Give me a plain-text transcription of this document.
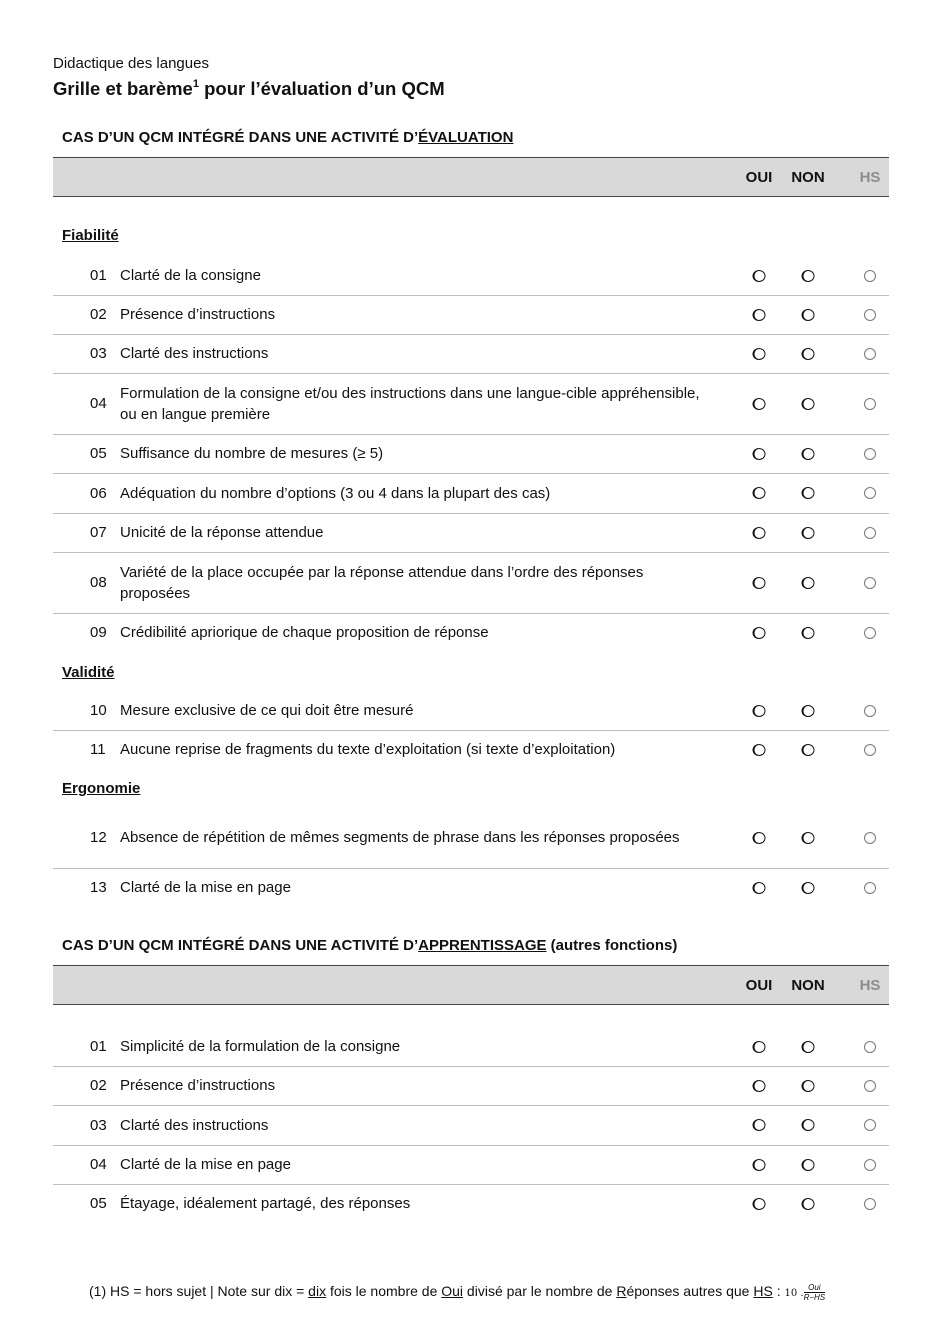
Didactique des langues
Grille et barème$^1$ pour l’évaluation d’un QCM
CAS D’UN QCM INTÉGRÉ DANS UNE ACTIVITÉ D’ÉVALUATION
OUI NON HS
Fiabilité
01 Clarté de la consigne
02 Présence d’instructions
03 Clarté des instructions
04
Formulation de la consigne et/ou des instructions dans une langue-cible appréhensible, ou en langue première
05 Suffisance du nombre de mesures (≥ 5)
06 Adéquation du nombre d’options (3 ou 4 dans la plupart des cas)
07 Unicité de la réponse attendue
08
Variété de la place occupée par la réponse attendue dans l’ordre des réponses proposées
09 Crédibilité apriorique de chaque proposition de réponse
Validité
10 Mesure exclusive de ce qui doit être mesuré
11 Aucune reprise de fragments du texte d’exploitation (si texte d’exploitation)
Ergonomie
12 Absence de répétition de mêmes segments de phrase dans les réponses proposées
13 Clarté de la mise en page
CAS D’UN QCM INTÉGRÉ DANS UNE ACTIVITÉ D’APPRENTISSAGE (autres fonctions)
OUI NON HS
01 Simplicité de la formulation de la consigne
02 Présence d’instructions
03 Clarté des instructions
04 Clarté de la mise en page
05 Étayage, idéalement partagé, des réponses
(1) HS = hors sujet | Note sur dix = dix fois le nombre de Oui divisé par le nombre de Réponses autres que HS : 10 . $\frac{\text{Oui}}{R-HS}$
